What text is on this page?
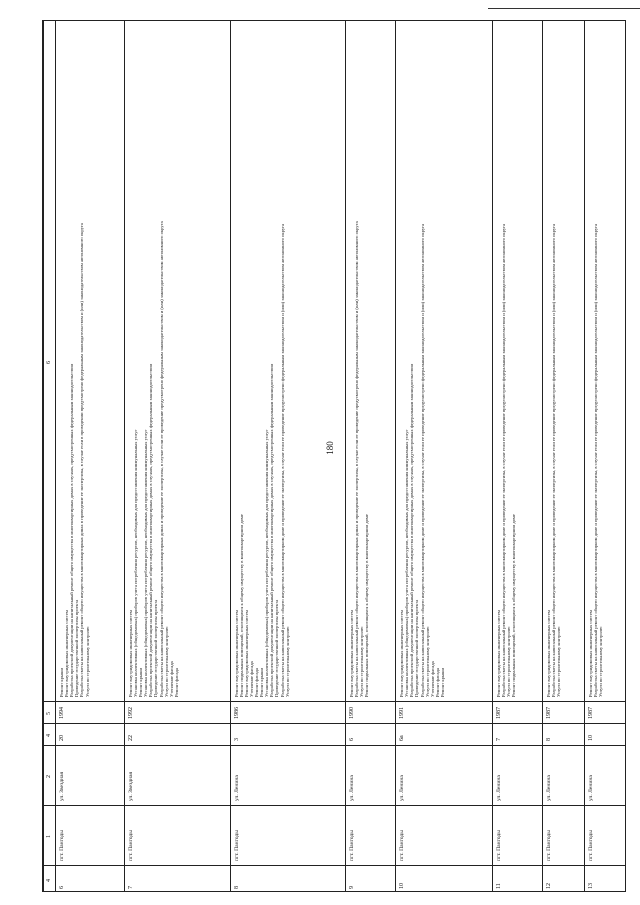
180
4
1
2
4
5
6
6
пгт. Пангоды
ул. Звездная
20
1994
Ремонт крыши Ремонт внутридомовых инженерных систем Разработка проектной документации на капитальный ремонт общего имущества в многоквартирных домах в случаях, предусмотренных федеральным законодательством Проведение государственной экспертизы проекта Разработка сметы на капитальный ремонт общего имущества в многоквартирных домах в проведение ее экспертизы, в случае если в проведении предусмотрено федеральным законодательством и (или) законодательством автономного округа Услуги по строительному контролю
7
пгт. Пангоды
ул. Звездная
22
1992
Ремонт внутридомовых инженерных систем Установка коллективных (общедомовых) приборов учета потребления ресурсов, необходимых для предоставления коммунальных услуг Ремонт крыши Установка коллективных (общедомовых) приборов учета потребления ресурсов, необходимых для предоставления коммунальных услуг Разработка проектной документации на капитальный ремонт общего имущества в многоквартирных домах в случаях, предусмотренных федеральным законодательством Проведение государственной экспертизы проекта Разработка сметы на капитальный ремонт общего имущества в многоквартирных домах и проведение ее экспертизы, в случае если ее проведение предусмотрено федеральным законодательством и (или) законодательством автономного округа Услуги по строительному контролю Утепление фасада Ремонт фасада
8
пгт. Пангоды
ул. Ленина
3
1986
Ремонт внутридомовых инженерных систем Ремонт подвальных помещений, относящихся к общему имуществу в многоквартирном доме Ремонт внутридомовых инженерных систем Утепление фасада Ремонт фасада Ремонт крыши Установка коллективных (общедомовых) приборов учета потребления ресурсов, необходимых для предоставления коммунальных услуг Разработка проектной документации на капитальный ремонт общего имущества в многоквартирных домах в случаях, предусмотренных федеральным законодательством Проведение государственной экспертизы проекта Разработка сметы на капитальный ремонт общего имущества в многоквартирном доме и проведение ее экспертизы, в случае если ее проведение предусмотрено федеральным законодательством и (или) законодательством автономного округа Услуги по строительному контролю
9
пгт. Пангоды
ул. Ленина
6
1990
Ремонт внутридомовых инженерных систем Разработка сметы на капитальный ремонт общего имущества в многоквартирных домах и проведение ее экспертизы, в случае если ее проведение предусмотрено федеральным законодательством и (или) законодательством автономного округа Услуги по строительному контролю Ремонт подвальных помещений, относящихся к общему имуществу в многоквартирном доме
10
пгт. Пангоды
ул. Ленина
6а
1991
Ремонт внутридомовых инженерных систем Установка коллективных (общедомовых) приборов учета потребления ресурсов, необходимых для предоставления коммунальных услуг Разработка проектной документации на капитальный ремонт общего имущества в многоквартирных домах в случаях, предусмотренных федеральным законодательством Проведение государственной экспертизы проекта Разработка сметы на капитальный ремонт общего имущества в многоквартирном доме и проведение ее экспертизы, в случае если ее проведение предусмотрено федеральным законодательством и (или) законодательством автономного округа Услуги по строительному контролю Утепление фасада Ремонт фасада Ремонт крыши
11
пгт. Пангоды
ул. Ленина
7
1987
Ремонт внутридомовых инженерных систем Разработка сметы на капитальный ремонт общего имущества в многоквартирном доме и проведение ее экспертизы, в случае если ее проведение предусмотрено федеральным законодательством и (или) законодательством автономного округа Услуги по строительному контролю Ремонт подвальных помещений, относящихся к общему имуществу в многоквартирном доме
12
пгт. Пангоды
ул. Ленина
8
1987
Ремонт внутридомовых инженерных систем Разработка сметы на капитальный ремонт общего имущества в многоквартирном доме и проведение ее экспертизы, в случае если ее проведение предусмотрено федеральным законодательством и (или) законодательством автономного округа Услуги по строительному контролю
13
пгт. Пангоды
ул. Ленина
10
1987
Ремонт внутридомовых инженерных систем Разработка сметы на капитальный ремонт общего имущества в многоквартирном доме и проведение ее экспертизы, в случае если ее проведение предусмотрено федеральным законодательством и (или) законодательством автономного округа Услуги по строительному контролю
